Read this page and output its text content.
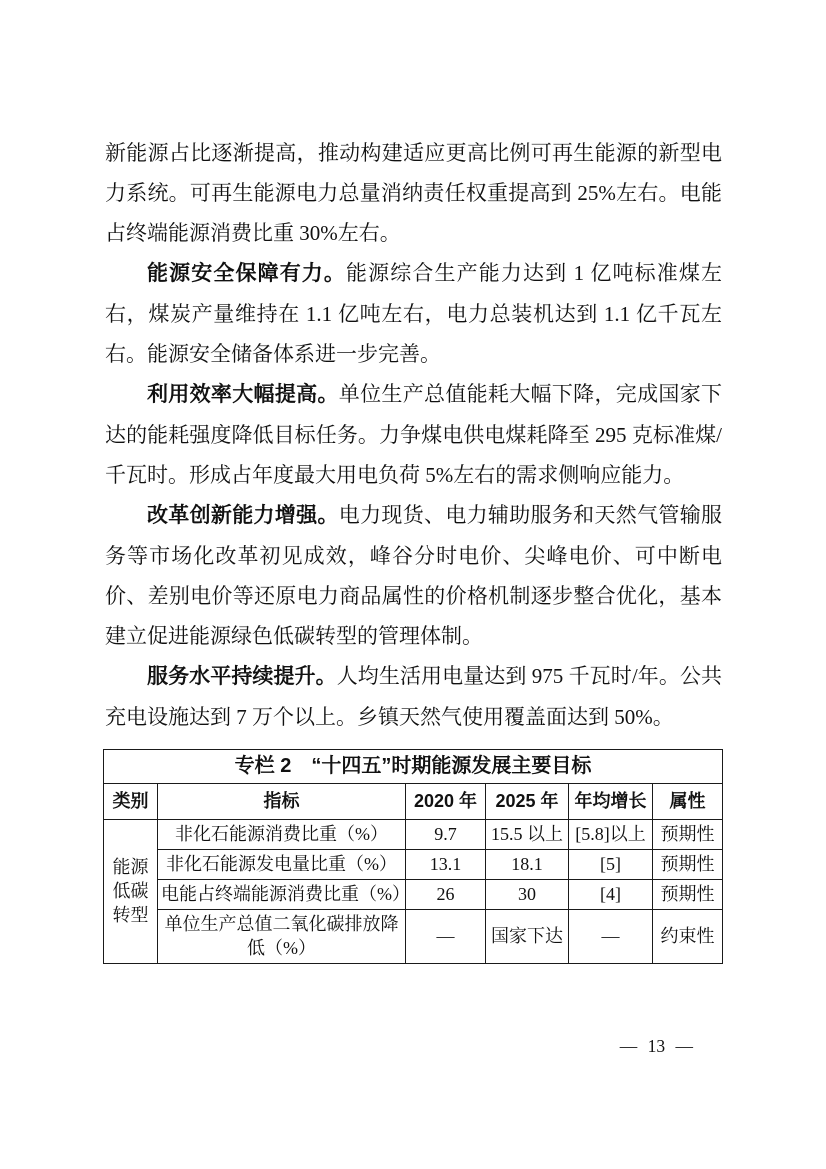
新能源占比逐渐提高，推动构建适应更高比例可再生能源的新型电力系统。可再生能源电力总量消纳责任权重提高到 25%左右。电能占终端能源消费比重 30%左右。

能源安全保障有力。能源综合生产能力达到 1 亿吨标准煤左右，煤炭产量维持在 1.1 亿吨左右，电力总装机达到 1.1 亿千瓦左右。能源安全储备体系进一步完善。

利用效率大幅提高。单位生产总值能耗大幅下降，完成国家下达的能耗强度降低目标任务。力争煤电供电煤耗降至 295 克标准煤/千瓦时。形成占年度最大用电负荷 5%左右的需求侧响应能力。

改革创新能力增强。电力现货、电力辅助服务和天然气管输服务等市场化改革初见成效，峰谷分时电价、尖峰电价、可中断电价、差别电价等还原电力商品属性的价格机制逐步整合优化，基本建立促进能源绿色低碳转型的管理体制。

服务水平持续提升。人均生活用电量达到 975 千瓦时/年。公共充电设施达到 7 万个以上。乡镇天然气使用覆盖面达到 50%。

专栏 2　“十四五”时期能源发展主要目标					
类别	指标	2020 年	2025 年	年均增长	属性
能源低碳转型	非化石能源消费比重（%）	9.7	15.5 以上	[5.8]以上	预期性
	非化石能源发电量比重（%）	13.1	18.1	[5]	预期性
	电能占终端能源消费比重（%）	26	30	[4]	预期性
	单位生产总值二氧化碳排放降低（%）	—	国家下达	—	约束性
— 13 —
